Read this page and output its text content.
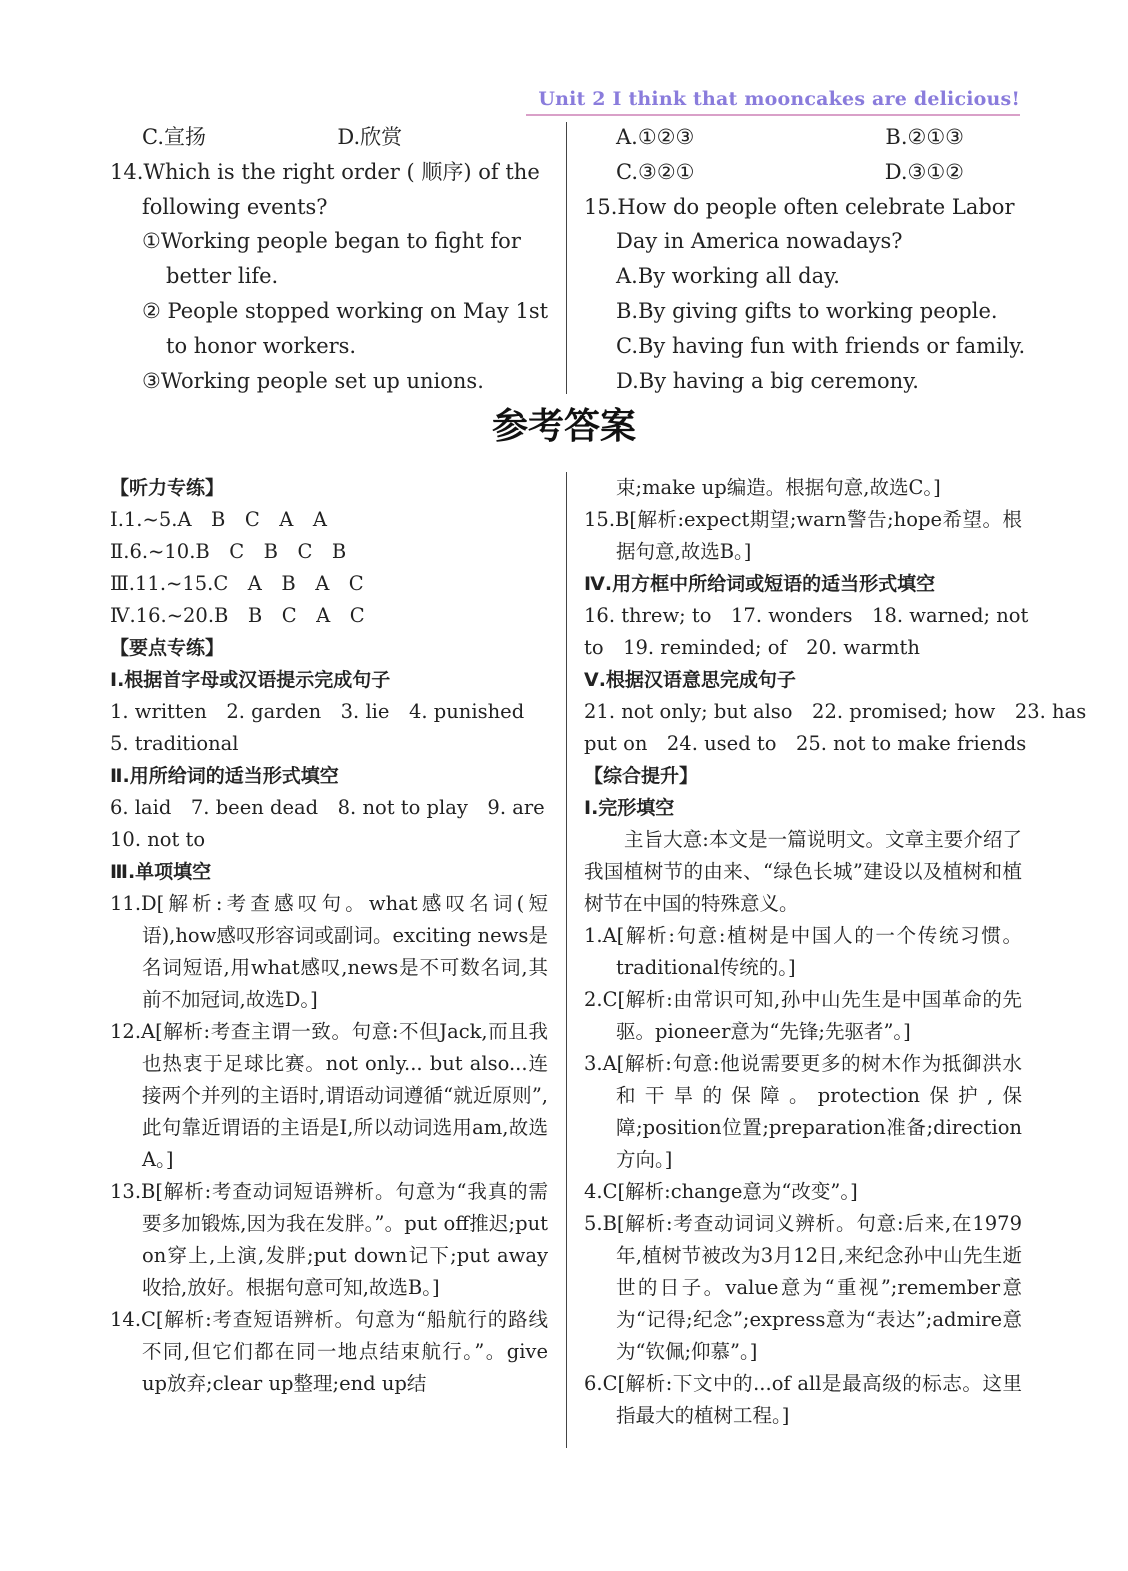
Unit 2 I think that mooncakes are delicious!
C.宣扬	D.欣赏
14.Which is the right order ( 顺序) of the
following events?
①Working people began to fight for
better life.
② People stopped working on May 1st
to honor workers.
③Working people set up unions.
A.①②③	B.②①③
C.③②①	D.③①②
15.How do people often celebrate Labor
Day in America nowadays?
A.By working all day.
B.By giving gifts to working people.
C.By having fun with friends or family.
D.By having a big ceremony.
参考答案
【听力专练】
Ⅰ.1.~5.A　B　C　A　A
Ⅱ.6.~10.B　C　B　C　B
Ⅲ.11.~15.C　A　B　A　C
Ⅳ.16.~20.B　B　C　A　C
【要点专练】
Ⅰ.根据首字母或汉语提示完成句子
1. written　2. garden　3. lie　4. punished
5. traditional
Ⅱ.用所给词的适当形式填空
6. laid　7. been dead　8. not to play　9. are
10. not to
Ⅲ.单项填空
11.D[解析:考查感叹句。what感叹名词(短语),how感叹形容词或副词。exciting news是名词短语,用what感叹,news是不可数名词,其前不加冠词,故选D。]
12.A[解析:考查主谓一致。句意:不但Jack,而且我也热衷于足球比赛。not only... but also...连接两个并列的主语时,谓语动词遵循“就近原则”,此句靠近谓语的主语是I,所以动词选用am,故选A。]
13.B[解析:考查动词短语辨析。句意为“我真的需要多加锻炼,因为我在发胖。”。put off推迟;put on穿上,上演,发胖;put down记下;put away收拾,放好。根据句意可知,故选B。]
14.C[解析:考查短语辨析。句意为“船航行的路线不同,但它们都在同一地点结束航行。”。give up放弃;clear up整理;end up结
束;make up编造。根据句意,故选C。]
15.B[解析:expect期望;warn警告;hope希望。根据句意,故选B。]
Ⅳ.用方框中所给词或短语的适当形式填空
16. threw; to　17. wonders　18. warned; not
to　19. reminded; of　20. warmth
Ⅴ.根据汉语意思完成句子
21. not only; but also　22. promised; how　23. has
put on　24. used to　25. not to make friends
【综合提升】
Ⅰ.完形填空
主旨大意:本文是一篇说明文。文章主要介绍了我国植树节的由来、“绿色长城”建设以及植树和植树节在中国的特殊意义。
1.A[解析:句意:植树是中国人的一个传统习惯。traditional传统的。]
2.C[解析:由常识可知,孙中山先生是中国革命的先驱。pioneer意为“先锋;先驱者”。]
3.A[解析:句意:他说需要更多的树木作为抵御洪水和干旱的保障。protection保护,保障;position位置;preparation准备;direction方向。]
4.C[解析:change意为“改变”。]
5.B[解析:考查动词词义辨析。句意:后来,在1979年,植树节被改为3月12日,来纪念孙中山先生逝世的日子。value意为“重视”;remember意为“记得;纪念”;express意为“表达”;admire意为“钦佩;仰慕”。]
6.C[解析:下文中的...of all是最高级的标志。这里指最大的植树工程。]
